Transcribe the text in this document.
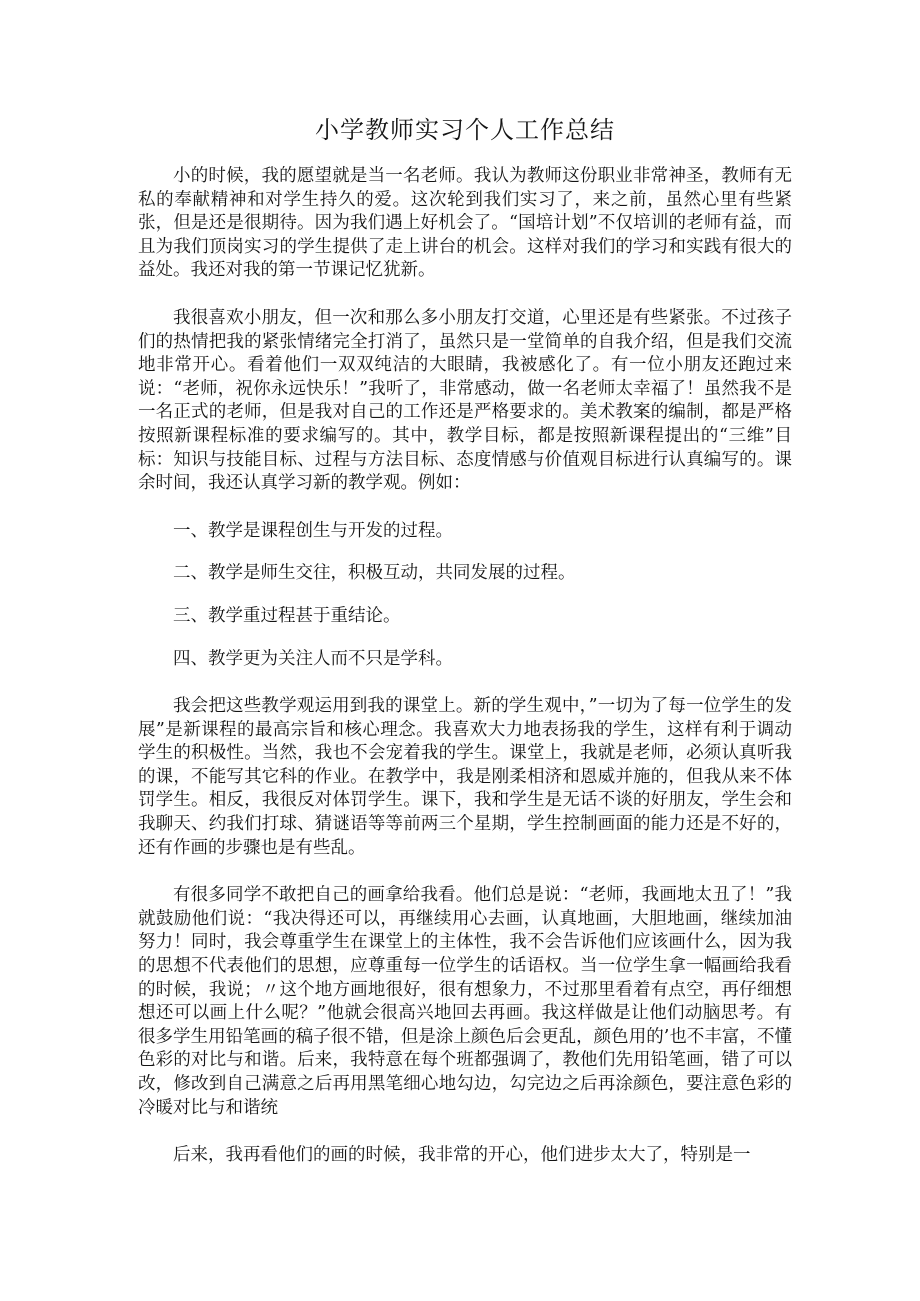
小学教师实习个人工作总结

小的时候，我的愿望就是当一名老师。我认为教师这份职业非常神圣，教师有无私的奉献精神和对学生持久的爱。这次轮到我们实习了，来之前，虽然心里有些紧张，但是还是很期待。因为我们遇上好机会了。“国培计划”不仅培训的老师有益，而且为我们顶岗实习的学生提供了走上讲台的机会。这样对我们的学习和实践有很大的益处。我还对我的第一节课记忆犹新。

我很喜欢小朋友，但一次和那么多小朋友打交道，心里还是有些紧张。不过孩子们的热情把我的紧张情绪完全打消了，虽然只是一堂简单的自我介绍，但是我们交流地非常开心。看着他们一双双纯洁的大眼睛，我被感化了。有一位小朋友还跑过来说：“老师，祝你永远快乐！”我听了，非常感动，做一名老师太幸福了！虽然我不是一名正式的老师，但是我对自己的工作还是严格要求的。美术教案的编制，都是严格按照新课程标准的要求编写的。其中，教学目标，都是按照新课程提出的“三维”目标：知识与技能目标、过程与方法目标、态度情感与价值观目标进行认真编写的。课余时间，我还认真学习新的教学观。例如：

一、教学是课程创生与开发的过程。

二、教学是师生交往，积极互动，共同发展的过程。

三、教学重过程甚于重结论。

四、教学更为关注人而不只是学科。

我会把这些教学观运用到我的课堂上。新的学生观中，”一切为了每一位学生的发展”是新课程的最高宗旨和核心理念。我喜欢大力地表扬我的学生，这样有利于调动学生的积极性。当然，我也不会宠着我的学生。课堂上，我就是老师，必须认真听我的课，不能写其它科的作业。在教学中，我是刚柔相济和恩威并施的，但我从来不体罚学生。相反，我很反对体罚学生。课下，我和学生是无话不谈的好朋友，学生会和我聊天、约我们打球、猜谜语等等前两三个星期，学生控制画面的能力还是不好的，还有作画的步骤也是有些乱。

有很多同学不敢把自己的画拿给我看。他们总是说：“老师，我画地太丑了！”我就鼓励他们说：“我决得还可以，再继续用心去画，认真地画，大胆地画，继续加油努力！同时，我会尊重学生在课堂上的主体性，我不会告诉他们应该画什么，因为我的思想不代表他们的思想，应尊重每一位学生的话语权。当一位学生拿一幅画给我看的时候，我说；〃这个地方画地很好，很有想象力，不过那里看着有点空，再仔细想想还可以画上什么呢？”他就会很高兴地回去再画。我这样做是让他们动脑思考。有很多学生用铅笔画的稿子很不错，但是涂上颜色后会更乱，颜色用的’也不丰富，不懂色彩的对比与和谐。后来，我特意在每个班都强调了，教他们先用铅笔画，错了可以改，修改到自己满意之后再用黑笔细心地勾边，勾完边之后再涂颜色，要注意色彩的冷暖对比与和谐统

后来，我再看他们的画的时候，我非常的开心，他们进步太大了，特别是一
